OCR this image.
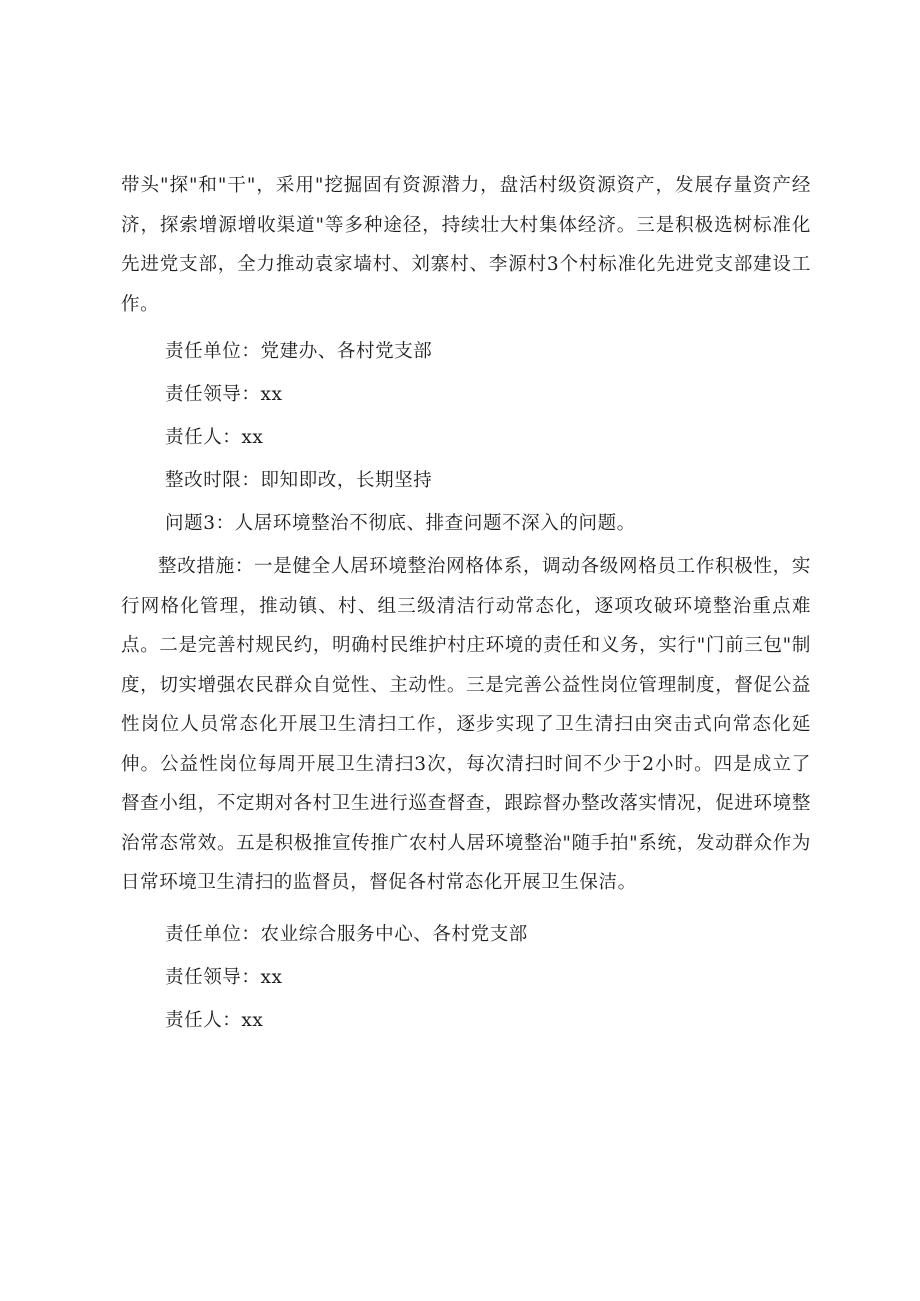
带头"探"和"干"，采用"挖掘固有资源潜力，盘活村级资源资产，发展存量资产经济，探索增源增收渠道"等多种途径，持续壮大村集体经济。三是积极选树标准化先进党支部，全力推动袁家墙村、刘寨村、李源村3个村标准化先进党支部建设工作。

责任单位：党建办、各村党支部

责任领导：xx

责任人：xx

整改时限：即知即改，长期坚持

问题3：人居环境整治不彻底、排查问题不深入的问题。

整改措施：一是健全人居环境整治网格体系，调动各级网格员工作积极性，实行网格化管理，推动镇、村、组三级清洁行动常态化，逐项攻破环境整治重点难点。二是完善村规民约，明确村民维护村庄环境的责任和义务，实行"门前三包"制度，切实增强农民群众自觉性、主动性。三是完善公益性岗位管理制度，督促公益性岗位人员常态化开展卫生清扫工作，逐步实现了卫生清扫由突击式向常态化延伸。公益性岗位每周开展卫生清扫3次，每次清扫时间不少于2小时。四是成立了督查小组，不定期对各村卫生进行巡查督查，跟踪督办整改落实情况，促进环境整治常态常效。五是积极推宣传推广农村人居环境整治"随手拍"系统，发动群众作为日常环境卫生清扫的监督员，督促各村常态化开展卫生保洁。

责任单位：农业综合服务中心、各村党支部

责任领导：xx

责任人：xx
